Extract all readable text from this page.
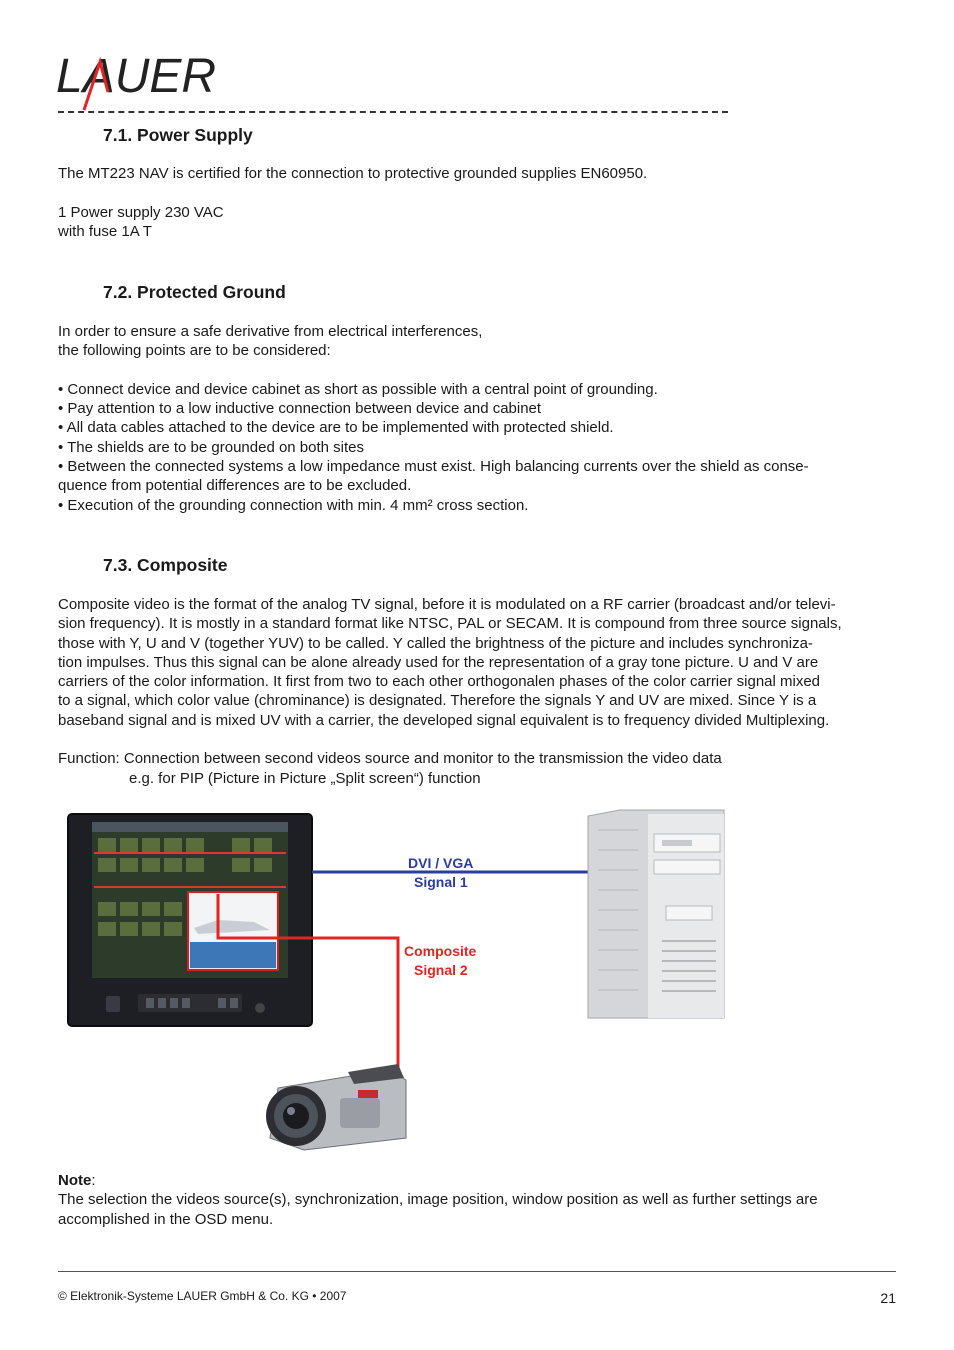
LAUER
7.1. Power Supply

The MT223 NAV is certified for the connection to protective grounded supplies EN60950.

1 Power supply 230 VAC

with fuse 1A T

7.2. Protected Ground

In order to ensure a safe derivative from electrical interferences,

the following points are to be considered:

• Connect device and device cabinet as short as possible with a central point of grounding.

• Pay attention to a low inductive connection between device and cabinet

• All data cables attached to the device are to be implemented with protected shield.

• The shields are to be grounded on both sites

• Between the connected systems a low impedance must exist. High balancing currents over the shield as conse-

quence from potential differences are to be excluded.

• Execution of the grounding connection with min. 4 mm² cross section.

7.3. Composite

Composite video is the format of the analog TV signal, before it is modulated on a RF carrier (broadcast and/or televi-

sion frequency). It is mostly in a standard format like NTSC, PAL or SECAM. It is compound from three source signals,

those with Y, U and V (together YUV) to be called. Y called the brightness of the picture and includes synchroniza-

tion impulses. Thus this signal can be alone already used for the representation of a gray tone picture. U and V are

carriers of the color information. It first from two to each other orthogonalen phases of the color carrier signal mixed

to a signal, which color value (chrominance) is designated. Therefore the signals Y and UV are mixed. Since Y is a

baseband signal and is mixed UV with a carrier, the developed signal equivalent is to frequency divided Multiplexing.

Function: Connection between second videos source and monitor to the transmission the video data

e.g. for PIP (Picture in Picture „Split screen“) function

DVI / VGA
Signal 1
Composite
Signal 2

Note:

The selection the videos source(s), synchronization, image position, window position as well as further settings are

accomplished in the OSD menu.

© Elektronik-Systeme LAUER GmbH & Co. KG • 2007	21
